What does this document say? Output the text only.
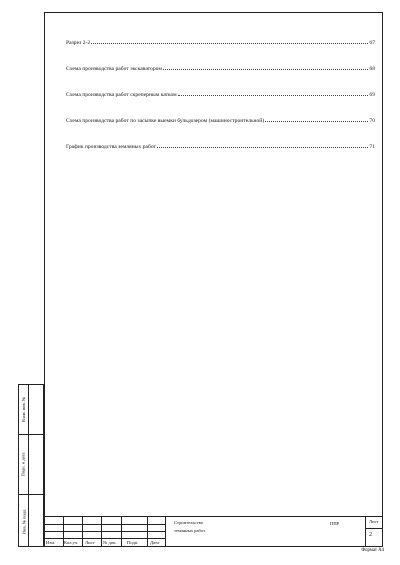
Разрез 2-2	67
Схема производства работ экскаватором	68
Схема производства работ скреперным катком	69
Схема производства работ по засыпке выемки бульдозером (машиностроительной)	70
График производства земляных работ	71
Взам. инв. №
Подп. и дата
Инв. № подл.
Изм. Кол.уч. Лист № док. Подп.	Дата
Строительство
земляных работ
ППР	Лист
2
Формат А4
